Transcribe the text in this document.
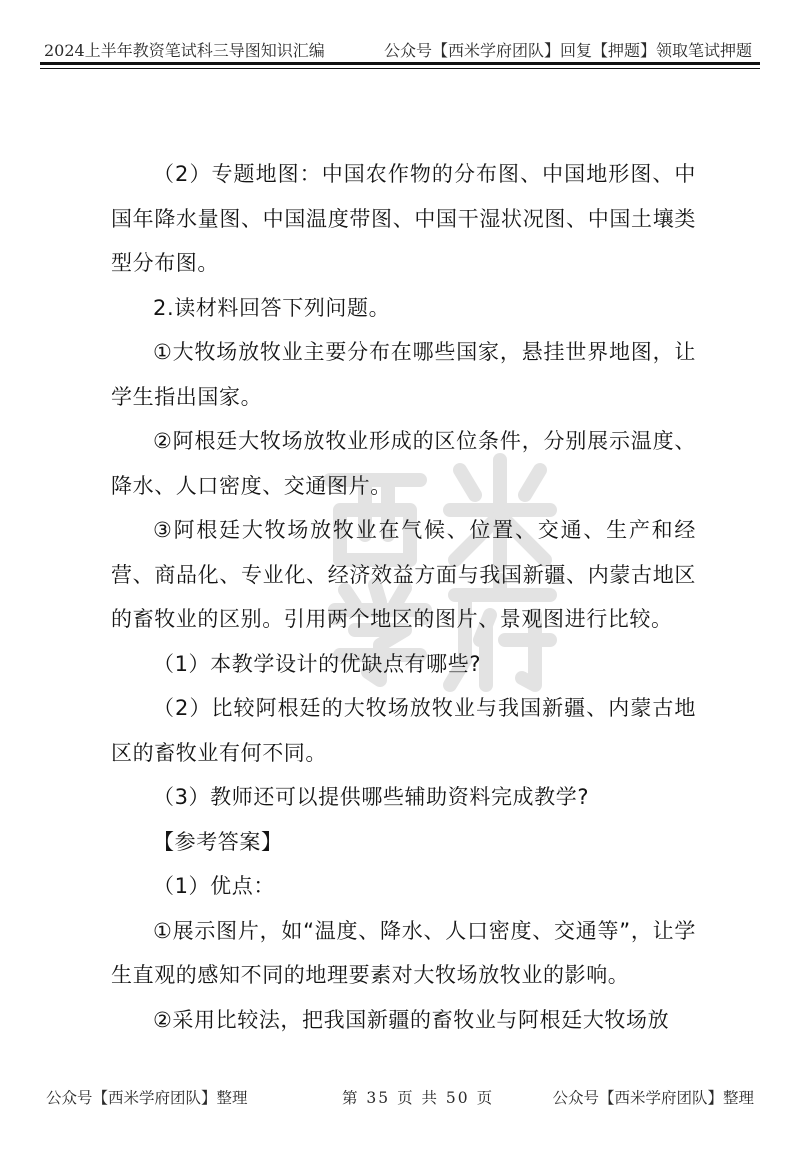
2024上半年教资笔试科三导图知识汇编	公众号【西米学府团队】回复【押题】领取笔试押题

（2）专题地图：中国农作物的分布图、中国地形图、中国年降水量图、中国温度带图、中国干湿状况图、中国土壤类型分布图。

2.读材料回答下列问题。

①大牧场放牧业主要分布在哪些国家，悬挂世界地图，让学生指出国家。

②阿根廷大牧场放牧业形成的区位条件，分别展示温度、降水、人口密度、交通图片。

③阿根廷大牧场放牧业在气候、位置、交通、生产和经营、商品化、专业化、经济效益方面与我国新疆、内蒙古地区的畜牧业的区别。引用两个地区的图片、景观图进行比较。

（1）本教学设计的优缺点有哪些?

（2）比较阿根廷的大牧场放牧业与我国新疆、内蒙古地区的畜牧业有何不同。

（3）教师还可以提供哪些辅助资料完成教学?

【参考答案】

（1）优点：

①展示图片，如“温度、降水、人口密度、交通等”，让学生直观的感知不同的地理要素对大牧场放牧业的影响。

②采用比较法，把我国新疆的畜牧业与阿根廷大牧场放

公众号【西米学府团队】整理	第 35 页 共 50 页	公众号【西米学府团队】整理
